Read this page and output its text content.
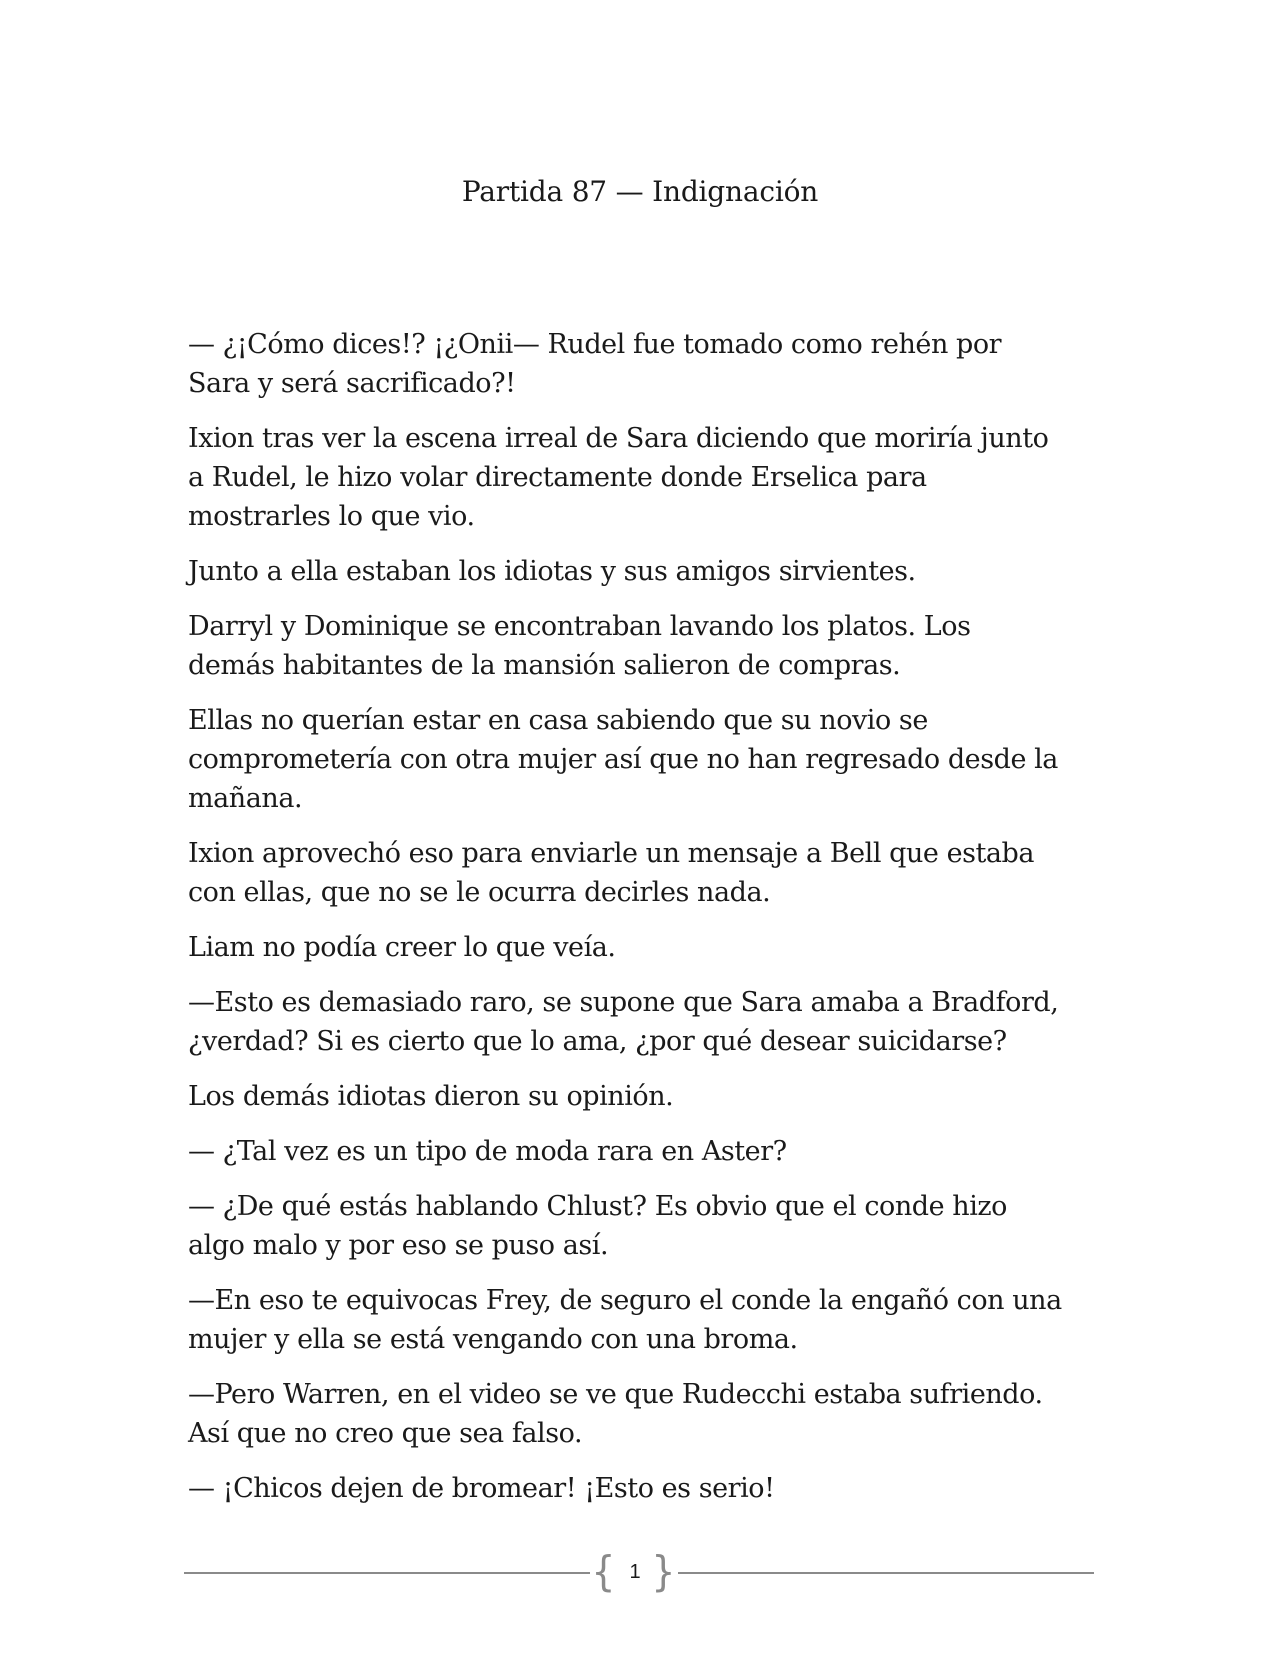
Partida 87 — Indignación

— ¿¡Cómo dices!? ¡¿Onii— Rudel fue tomado como rehén por
Sara y será sacrificado?!

Ixion tras ver la escena irreal de Sara diciendo que moriría junto
a Rudel, le hizo volar directamente donde Erselica para
mostrarles lo que vio.

Junto a ella estaban los idiotas y sus amigos sirvientes.

Darryl y Dominique se encontraban lavando los platos. Los
demás habitantes de la mansión salieron de compras.

Ellas no querían estar en casa sabiendo que su novio se
comprometería con otra mujer así que no han regresado desde la
mañana.

Ixion aprovechó eso para enviarle un mensaje a Bell que estaba
con ellas, que no se le ocurra decirles nada.

Liam no podía creer lo que veía.

—Esto es demasiado raro, se supone que Sara amaba a Bradford,
¿verdad? Si es cierto que lo ama, ¿por qué desear suicidarse?

Los demás idiotas dieron su opinión.

— ¿Tal vez es un tipo de moda rara en Aster?

— ¿De qué estás hablando Chlust? Es obvio que el conde hizo
algo malo y por eso se puso así.

—En eso te equivocas Frey, de seguro el conde la engañó con una
mujer y ella se está vengando con una broma.

—Pero Warren, en el video se ve que Rudecchi estaba sufriendo.
Así que no creo que sea falso.

— ¡Chicos dejen de bromear! ¡Esto es serio!

{ 1 }
